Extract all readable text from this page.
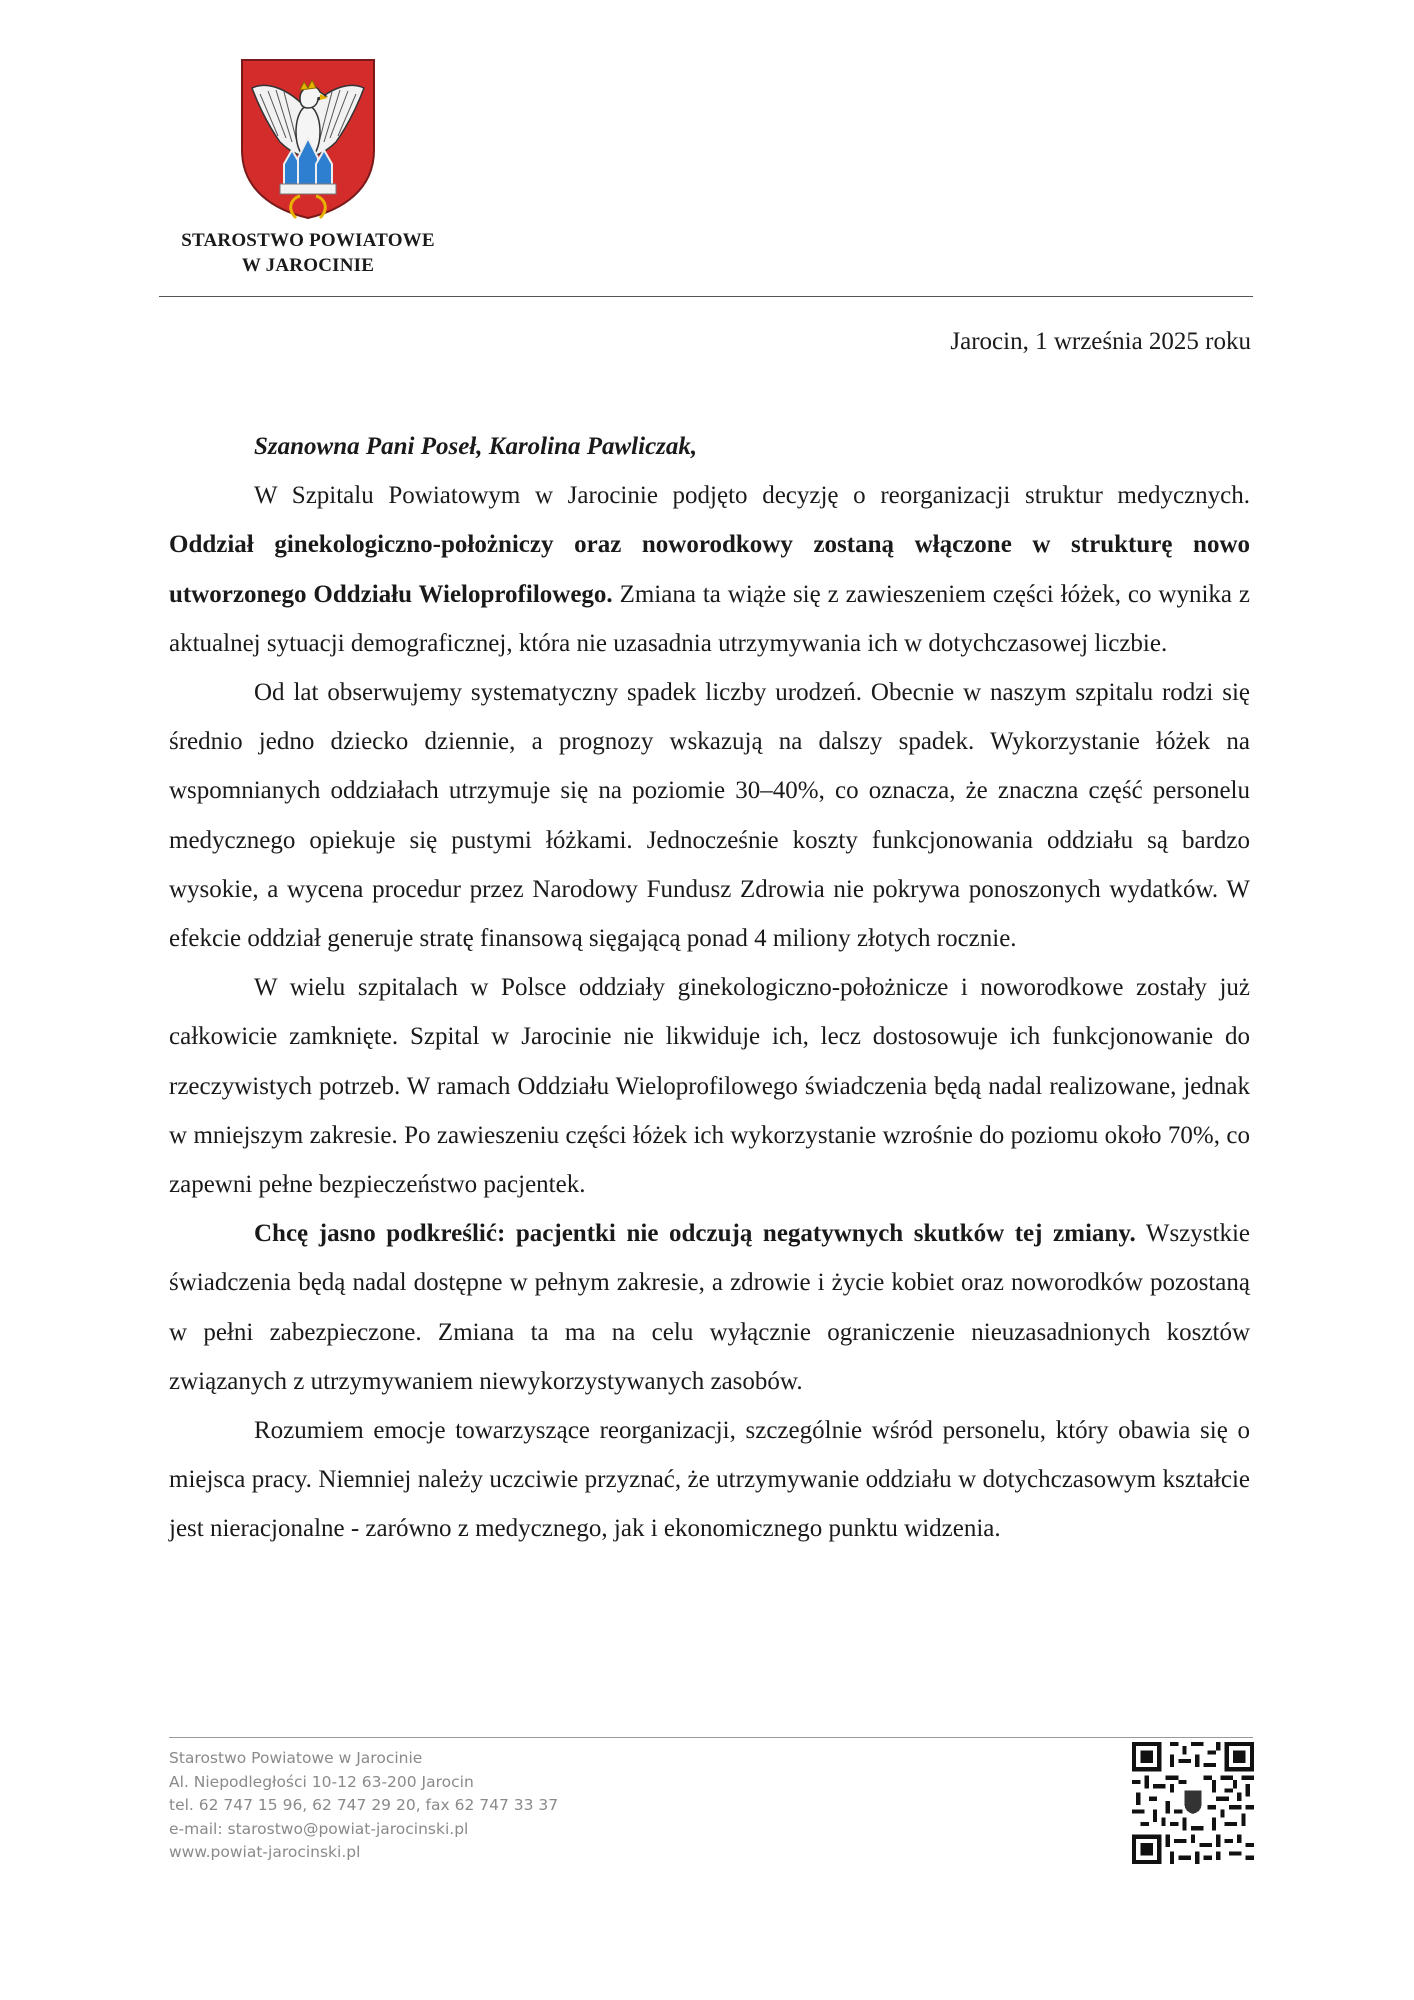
STAROSTWO POWIATOWE
W JAROCINIE
Jarocin, 1 września 2025 roku

Szanowna Pani Poseł, Karolina Pawliczak,

W Szpitalu Powiatowym w Jarocinie podjęto decyzję o reorganizacji struktur medycznych. Oddział ginekologiczno-położniczy oraz noworodkowy zostaną włączone w strukturę nowo utworzonego Oddziału Wieloprofilowego. Zmiana ta wiąże się z zawieszeniem części łóżek, co wynika z aktualnej sytuacji demograficznej, która nie uzasadnia utrzymywania ich w dotychczasowej liczbie.

Od lat obserwujemy systematyczny spadek liczby urodzeń. Obecnie w naszym szpitalu rodzi się średnio jedno dziecko dziennie, a prognozy wskazują na dalszy spadek. Wykorzystanie łóżek na wspomnianych oddziałach utrzymuje się na poziomie 30–40%, co oznacza, że znaczna część personelu medycznego opiekuje się pustymi łóżkami. Jednocześnie koszty funkcjonowania oddziału są bardzo wysokie, a wycena procedur przez Narodowy Fundusz Zdrowia nie pokrywa ponoszonych wydatków. W efekcie oddział generuje stratę finansową sięgającą ponad 4 miliony złotych rocznie.

W wielu szpitalach w Polsce oddziały ginekologiczno-położnicze i noworodkowe zostały już całkowicie zamknięte. Szpital w Jarocinie nie likwiduje ich, lecz dostosowuje ich funkcjonowanie do rzeczywistych potrzeb. W ramach Oddziału Wieloprofilowego świadczenia będą nadal realizowane, jednak w mniejszym zakresie. Po zawieszeniu części łóżek ich wykorzystanie wzrośnie do poziomu około 70%, co zapewni pełne bezpieczeństwo pacjentek.

Chcę jasno podkreślić: pacjentki nie odczują negatywnych skutków tej zmiany. Wszystkie świadczenia będą nadal dostępne w pełnym zakresie, a zdrowie i życie kobiet oraz noworodków pozostaną w pełni zabezpieczone. Zmiana ta ma na celu wyłącznie ograniczenie nieuzasadnionych kosztów związanych z utrzymywaniem niewykorzystywanych zasobów.

Rozumiem emocje towarzyszące reorganizacji, szczególnie wśród personelu, który obawia się o miejsca pracy. Niemniej należy uczciwie przyznać, że utrzymywanie oddziału w dotychczasowym kształcie jest nieracjonalne - zarówno z medycznego, jak i ekonomicznego punktu widzenia.

Starostwo Powiatowe w Jarocinie
Al. Niepodległości 10-12 63-200 Jarocin
tel. 62 747 15 96, 62 747 29 20, fax 62 747 33 37
e-mail: starostwo@powiat-jarocinski.pl
www.powiat-jarocinski.pl
